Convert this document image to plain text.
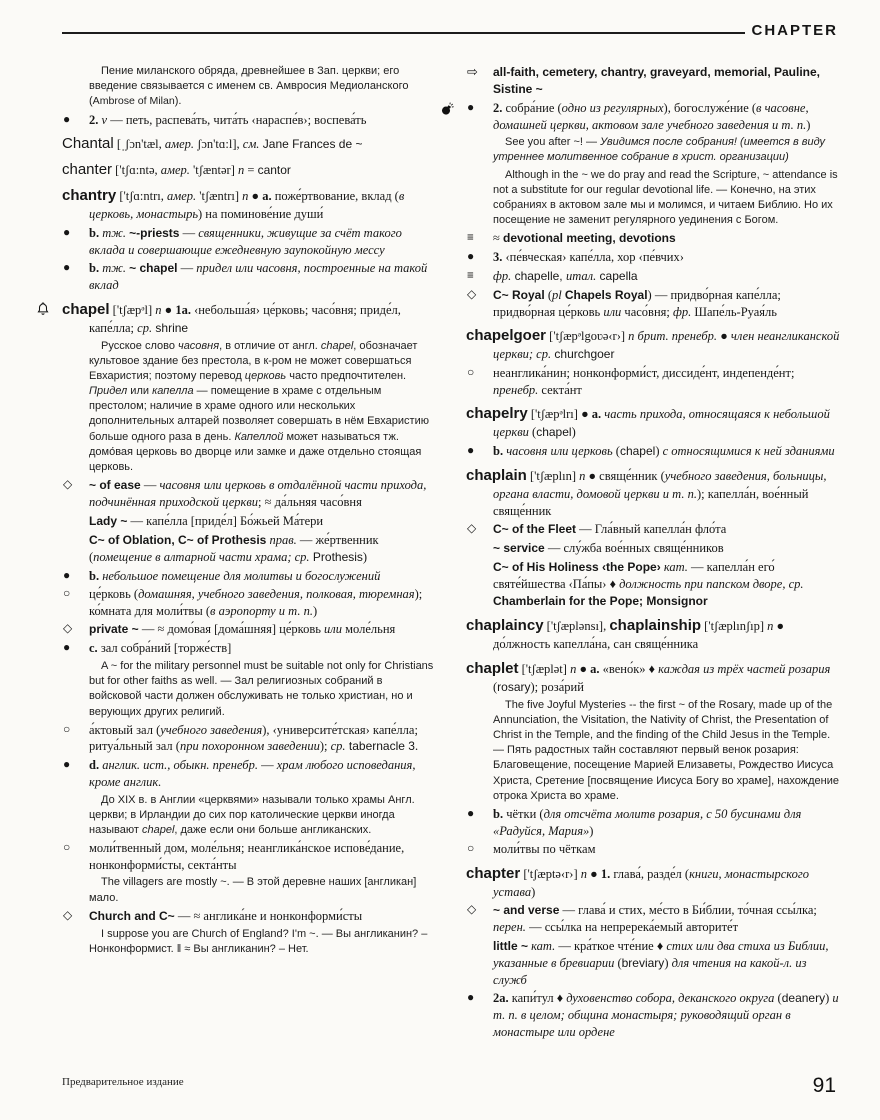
CHAPTER
Пение миланского обряда, древнейшее в Зап. церкви; его введение связывается с именем св. Амвросия Медиоланского (Ambrose of Milan).
●	2. v — петь, распева́ть, чита́ть ‹нараспе́в›; воспева́ть
Chantal [ˌʃɔn'tæl, амер. ʃɔn'tɑ:l], см. Jane Frances de ~
chanter ['tʃɑ:ntə, амер. 'tʃæntər] n = cantor
chantry ['tʃɑ:ntrı, амер. 'tʃæntrı] n ● a. поже́ртвование, вклад (в церковь, монастырь) на поминове́ние души́
●	b. тж. ~-priests — священники, живущие за счёт такого вклада и совершающие ежедневную заупокойную мессу
●	b. тж. ~ chapel — придел или часовня, построенные на такой вклад
chapel ['tʃæpᵊl] n ● 1a. ‹небольша́я› це́рковь; часо́вня; приде́л, капе́лла; ср. shrine
Русское слово часовня, в отличие от англ. chapel, обозначает культовое здание без престола, в к-ром не может совершаться Евхаристия; поэтому перевод церковь часто предпочтителен. Придел или капелла — помещение в храме с отдельным престолом; наличие в храме одного или нескольких дополнительных алтарей позволяет совершать в нём Евхаристию больше одного раза в день. Капеллой может называться тж. домо́вая церковь во дворце или замке и даже отдельно стоящая церковь.
◇	~ of ease — часовня или церковь в отдалённой части прихода, подчинённая приходской церкви; ≈ да́льняя часо́вня
Lady ~ — капе́лла [приде́л] Бо́жьей Ма́тери
C~ of Oblation, C~ of Prothesis прав. — же́ртвенник (помещение в алтарной части храма; ср. Prothesis)
●	b. небольшое помещение для молитвы и богослужений
○	це́рковь (домашняя, учебного заведения, полковая, тюремная); ко́мната для моли́твы (в аэропорту и т. п.)
◇	private ~ — ≈ домо́вая [дома́шняя] це́рковь или моле́льня
●	c. зал собра́ний [торже́ств]
A ~ for the military personnel must be suitable not only for Christians but for other faiths as well. — Зал религиозных собраний в войсковой части должен обслуживать не только христиан, но и верующих других религий.
○	а́ктовый зал (учебного заведения), ‹университе́тская› капе́лла; ритуа́льный зал (при похоронном заведении); ср. tabernacle 3.
●	d. англик. ист., обыкн. пренебр. — храм любого исповедания, кроме англик.
До XIX в. в Англии «церквями» называли только храмы Англ. церкви; в Ирландии до сих пор католические церкви иногда называют chapel, даже если они больше англиканских.
○	моли́твенный дом, моле́льня; неанглика́нское испове́дание, нонконформи́сты, секта́нты
The villagers are mostly ~. — В этой деревне наших [англикан] мало.
◇	Church and C~ — ≈ англика́не и нонконформи́сты
I suppose you are Church of England? I'm ~. — Вы англиканин? – Нонконформист. ‖ ≈ Вы англиканин? – Нет.
⇨	all-faith, cemetery, chantry, graveyard, memorial, Pauline, Sistine ~
●	2. собра́ние (одно из регулярных), богослуже́ние (в часовне, домашней церкви, актовом зале учебного заведения и т. п.)
See you after ~! — Увидимся после собрания! (имеется в виду утреннее молитвенное собрание в христ. организации)
Although in the ~ we do pray and read the Scripture, ~ attendance is not a substitute for our regular devotional life. — Конечно, на этих собраниях в актовом зале мы и молимся, и читаем Библию. Но их посещение не заменит регулярного уединения с Богом.
≡	≈ devotional meeting, devotions
●	3. ‹пе́вческая› капе́лла, хор ‹пе́вчих›
≡	фр. chapelle, итал. capella
◇	C~ Royal (pl Chapels Royal) — придво́рная капе́лла; придво́рная це́рковь или часо́вня; фр. Шапе́ль-Руая́ль
chapelgoer ['tʃæpᵊlgoʋə‹r›] n брит. пренебр. ● член неангликанской церкви; ср. churchgoer
○	неанглика́нин; нонконформи́ст, диссиде́нт, индепенде́нт; пренебр. секта́нт
chapelry ['tʃæpᵊlrı] ● a. часть прихода, относящаяся к небольшой церкви (chapel)
●	b. часовня или церковь (chapel) с относящимися к ней зданиями
chaplain ['tʃæplın] n ● свяще́нник (учебного заведения, больницы, органа власти, домовой церкви и т. п.); капелла́н, вое́нный свяще́нник
◇	C~ of the Fleet — Гла́вный капелла́н фло́та
~ service — слу́жба вое́нных свяще́нников
C~ of His Holiness ‹the Pope› кат. — капелла́н его́ святе́йшества ‹Па́пы› ♦ должность при папском дворе, ср. Chamberlain for the Pope; Monsignor
chaplaincy ['tʃæplənsı], chaplainship ['tʃæplınʃıp] n ● до́лжность капелла́на, сан свяще́нника
chaplet ['tʃæplət] n ● a. «вено́к» ♦ каждая из трёх частей розария (rosary); роза́рий
The five Joyful Mysteries -- the first ~ of the Rosary, made up of the Annunciation, the Visitation, the Nativity of Christ, the Presentation of Christ in the Temple, and the finding of the Child Jesus in the Temple. — Пять радостных тайн составляют первый венок розария: Благовещение, посещение Марией Елизаветы, Рождество Иисуса Христа, Сретение [посвящение Иисуса Богу во храме], нахождение отрока Христа во храме.
●	b. чётки (для отсчёта молитв розария, с 50 бусинами для «Радуйся, Мария»)
○	моли́твы по чёткам
chapter ['tʃæptə‹r›] n ● 1. глава́, разде́л (книги, монастырского устава)
◇	~ and verse — глава́ и стих, ме́сто в Би́блии, то́чная ссы́лка; перен. — ссы́лка на непререка́емый авторите́т
little ~ кат. — кра́ткое чте́ние ♦ стих или два стиха из Библии, указанные в бревиарии (breviary) для чтения на какой-л. из служб
●	2a. капи́тул ♦ духовенство собора, деканского округа (deanery) и т. п. в целом; община монастыря; руководящий орган в монастыре или ордене
Предварительное издание	91
